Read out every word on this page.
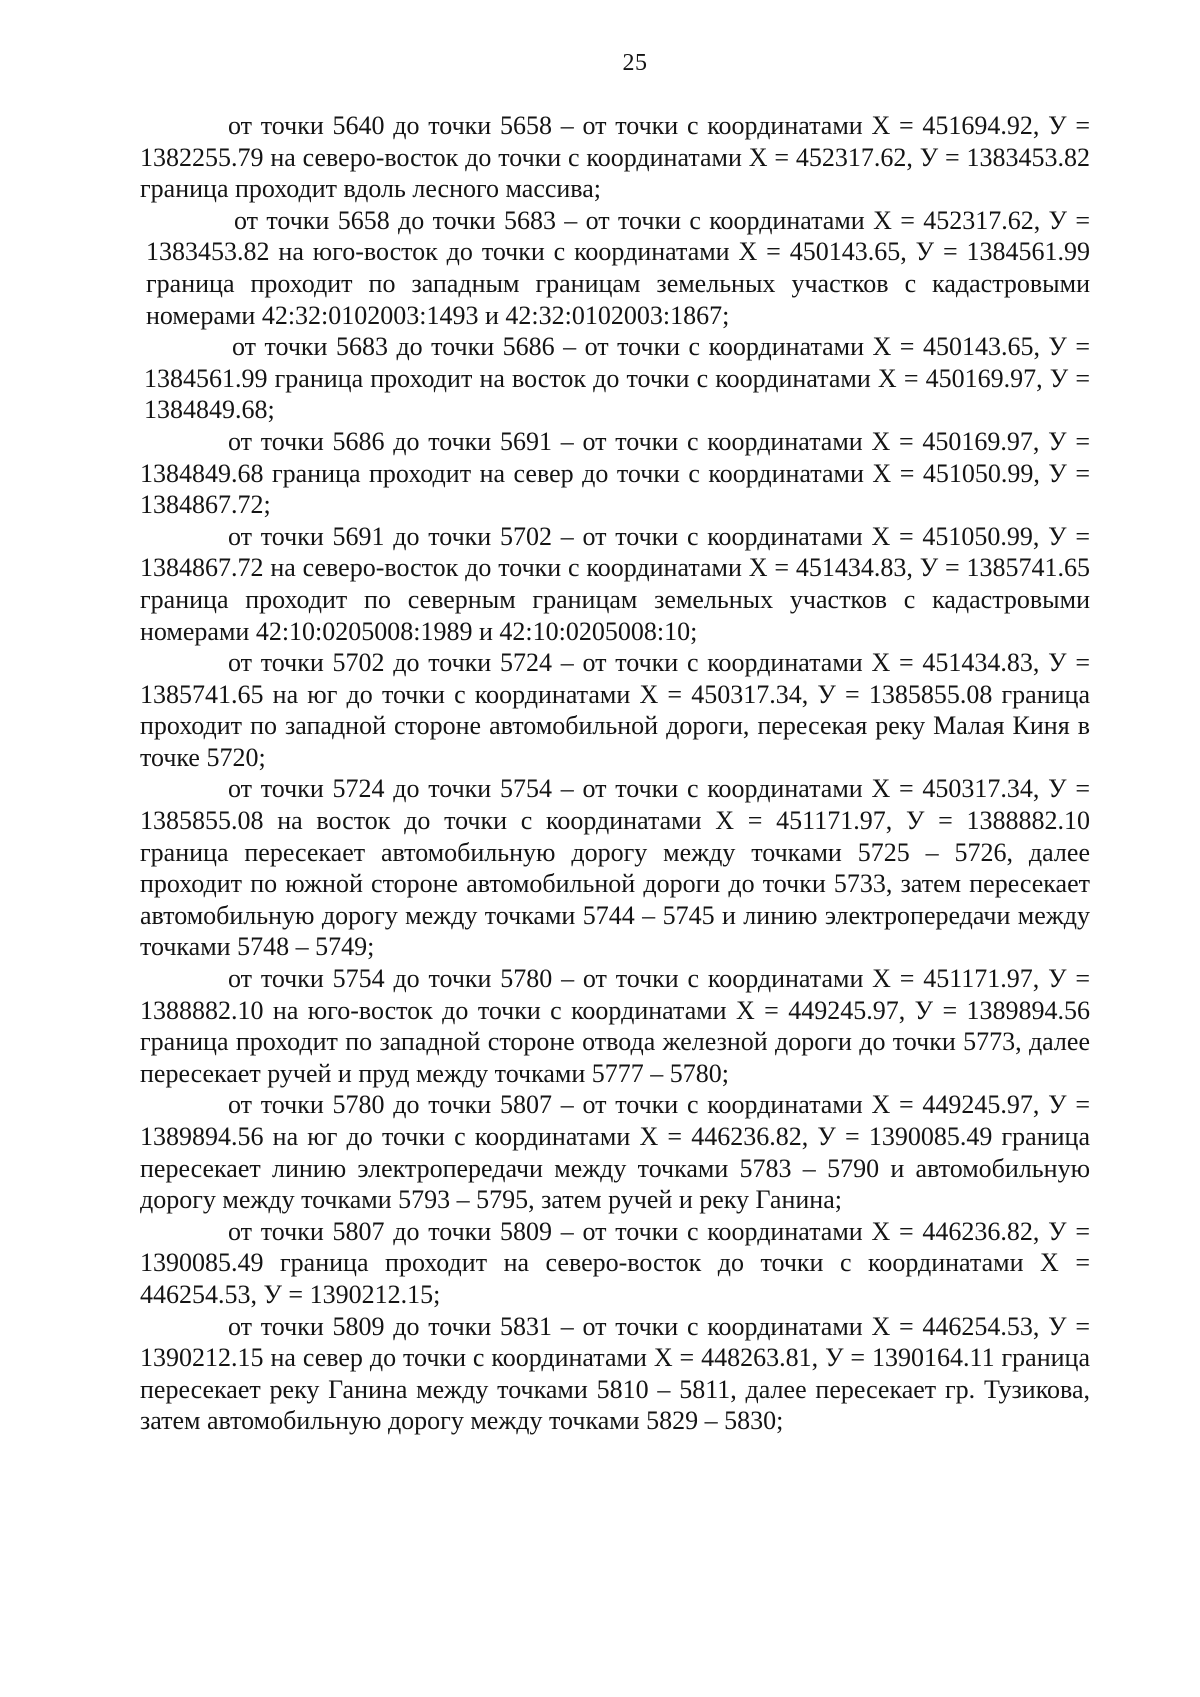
25

от точки 5640 до точки 5658 – от точки с координатами Х = 451694.92, У = 1382255.79 на северо-восток до точки с координатами Х = 452317.62, У = 1383453.82 граница проходит вдоль лесного массива;

от точки 5658 до точки 5683 – от точки с координатами Х = 452317.62, У = 1383453.82 на юго-восток до точки с координатами Х = 450143.65, У = 1384561.99 граница проходит по западным границам земельных участков с кадастровыми номерами 42:32:0102003:1493 и 42:32:0102003:1867;

от точки 5683 до точки 5686 – от точки с координатами Х = 450143.65, У = 1384561.99 граница проходит на восток до точки с координатами Х = 450169.97, У = 1384849.68;

от точки 5686 до точки 5691 – от точки с координатами Х = 450169.97, У = 1384849.68 граница проходит на север до точки с координатами Х = 451050.99, У = 1384867.72;

от точки 5691 до точки 5702 – от точки с координатами Х = 451050.99, У = 1384867.72 на северо-восток до точки с координатами Х = 451434.83, У = 1385741.65 граница проходит по северным границам земельных участков с кадастровыми номерами 42:10:0205008:1989 и 42:10:0205008:10;

от точки 5702 до точки 5724 – от точки с координатами Х = 451434.83, У = 1385741.65 на юг до точки с координатами Х = 450317.34, У = 1385855.08 граница проходит по западной стороне автомобильной дороги, пересекая реку Малая Киня в точке 5720;

от точки 5724 до точки 5754 – от точки с координатами Х = 450317.34, У = 1385855.08 на восток до точки с координатами Х = 451171.97, У = 1388882.10 граница пересекает автомобильную дорогу между точками 5725 – 5726, далее проходит по южной стороне автомобильной дороги до точки 5733, затем пересекает автомобильную дорогу между точками 5744 – 5745 и линию электропередачи между точками 5748 – 5749;

от точки 5754 до точки 5780 – от точки с координатами Х = 451171.97, У = 1388882.10 на юго-восток до точки с координатами Х = 449245.97, У = 1389894.56 граница проходит по западной стороне отвода железной дороги до точки 5773, далее пересекает ручей и пруд между точками 5777 – 5780;

от точки 5780 до точки 5807 – от точки с координатами Х = 449245.97, У = 1389894.56 на юг до точки с координатами Х = 446236.82, У = 1390085.49 граница пересекает линию электропередачи между точками 5783 – 5790 и автомобильную дорогу между точками 5793 – 5795, затем ручей и реку Ганина;

от точки 5807 до точки 5809 – от точки с координатами Х = 446236.82, У = 1390085.49 граница проходит на северо-восток до точки с координатами Х = 446254.53, У = 1390212.15;

от точки 5809 до точки 5831 – от точки с координатами Х = 446254.53, У = 1390212.15 на север до точки с координатами Х = 448263.81, У = 1390164.11 граница пересекает реку Ганина между точками 5810 – 5811, далее пересекает гр. Тузикова, затем автомобильную дорогу между точками 5829 – 5830;
